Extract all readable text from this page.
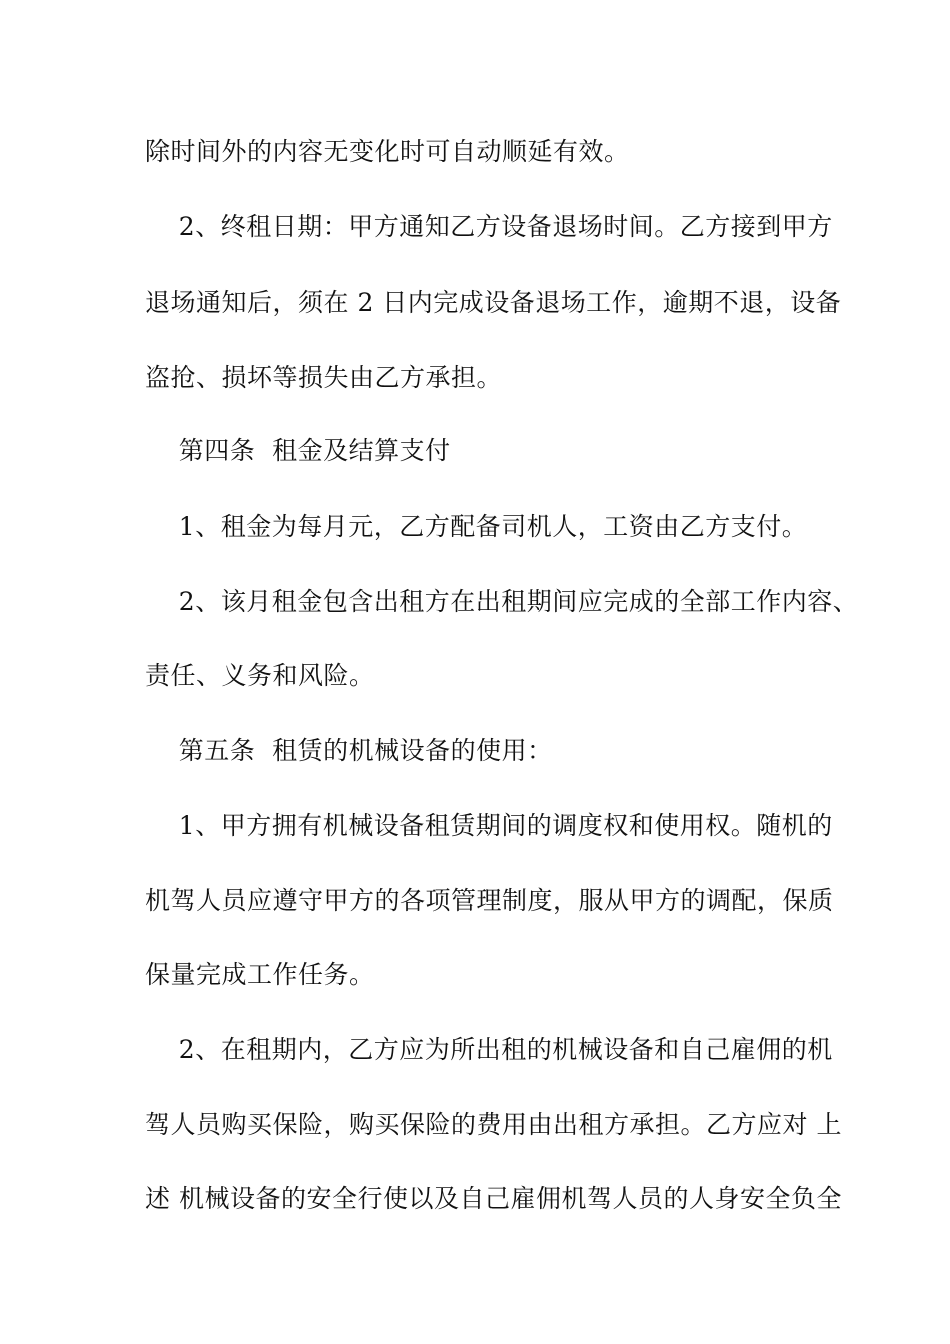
除时间外的内容无变化时可自动顺延有效。
2、终租日期：甲方通知乙方设备退场时间。乙方接到甲方
退场通知后，须在 2 日内完成设备退场工作，逾期不退，设备
盗抢、损坏等损失由乙方承担。
第四条  租金及结算支付
1、租金为每月元，乙方配备司机人，工资由乙方支付。
2、该月租金包含出租方在出租期间应完成的全部工作内容、
责任、义务和风险。
第五条  租赁的机械设备的使用：
1、甲方拥有机械设备租赁期间的调度权和使用权。随机的
机驾人员应遵守甲方的各项管理制度，服从甲方的调配，保质
保量完成工作任务。
2、在租期内，乙方应为所出租的机械设备和自己雇佣的机
驾人员购买保险，购买保险的费用由出租方承担。乙方应对 上
述 机械设备的安全行使以及自己雇佣机驾人员的人身安全负全
